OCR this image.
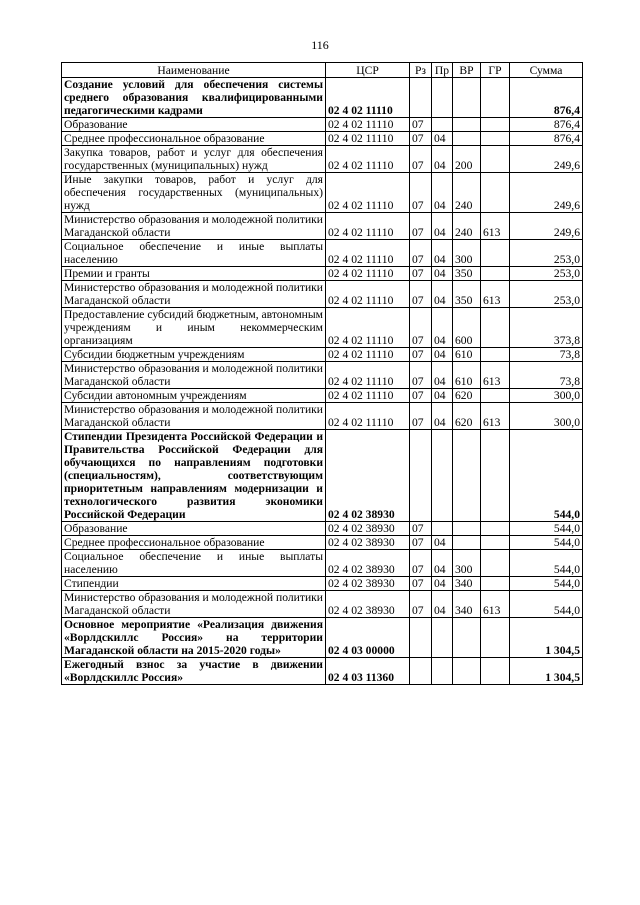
116
Наименование	ЦСР	Рз	Пр	ВР	ГР	Сумма
Создание условий для обеспечения системы среднего образования квалифицированными педагогическими кадрами	02 4 02 11110					876,4
Образование	02 4 02 11110	07				876,4
Среднее профессиональное образование	02 4 02 11110	07	04			876,4
Закупка товаров, работ и услуг для обеспечения государственных (муниципальных) нужд	02 4 02 11110	07	04	200		249,6
Иные закупки товаров, работ и услуг для обеспечения государственных (муниципальных) нужд	02 4 02 11110	07	04	240		249,6
Министерство образования и молодежной политики Магаданской области	02 4 02 11110	07	04	240	613	249,6
Социальное обеспечение и иные выплаты населению	02 4 02 11110	07	04	300		253,0
Премии и гранты	02 4 02 11110	07	04	350		253,0
Министерство образования и молодежной политики Магаданской области	02 4 02 11110	07	04	350	613	253,0
Предоставление субсидий бюджетным, автономным учреждениям и иным некоммерческим организациям	02 4 02 11110	07	04	600		373,8
Субсидии бюджетным учреждениям	02 4 02 11110	07	04	610		73,8
Министерство образования и молодежной политики Магаданской области	02 4 02 11110	07	04	610	613	73,8
Субсидии автономным учреждениям	02 4 02 11110	07	04	620		300,0
Министерство образования и молодежной политики Магаданской области	02 4 02 11110	07	04	620	613	300,0
Стипендии Президента Российской Федерации и Правительства Российской Федерации для обучающихся по направлениям подготовки (специальностям), соответствующим приоритетным направлениям модернизации и технологического развития экономики Российской Федерации	02 4 02 38930					544,0
Образование	02 4 02 38930	07				544,0
Среднее профессиональное образование	02 4 02 38930	07	04			544,0
Социальное обеспечение и иные выплаты населению	02 4 02 38930	07	04	300		544,0
Стипендии	02 4 02 38930	07	04	340		544,0
Министерство образования и молодежной политики Магаданской области	02 4 02 38930	07	04	340	613	544,0
Основное мероприятие «Реализация движения «Ворлдскиллс Россия» на территории Магаданской области на 2015-2020 годы»	02 4 03 00000					1 304,5
Ежегодный взнос за участие в движении «Ворлдскиллс Россия»	02 4 03 11360					1 304,5
